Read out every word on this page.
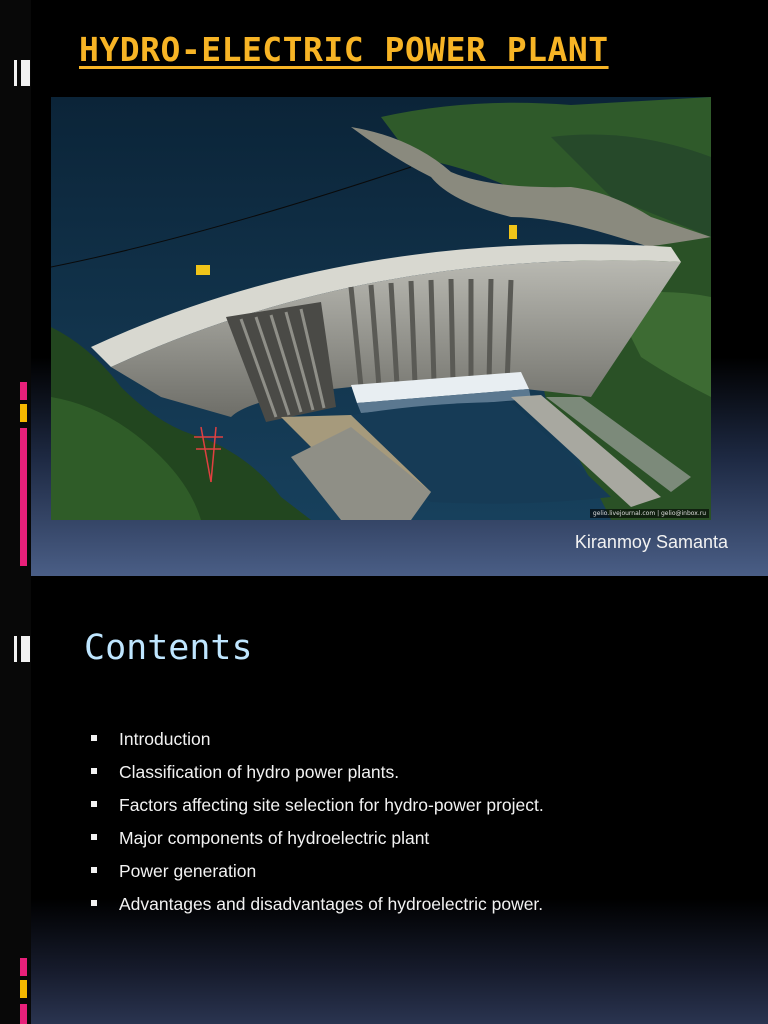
HYDRO-ELECTRIC POWER PLANT
gelio.livejournal.com | gelio@inbox.ru
Kiranmoy Samanta
Contents
Introduction
Classification of hydro power plants.
Factors affecting site selection for hydro-power project.
Major components of hydroelectric plant
Power generation
Advantages and disadvantages of hydroelectric power.
